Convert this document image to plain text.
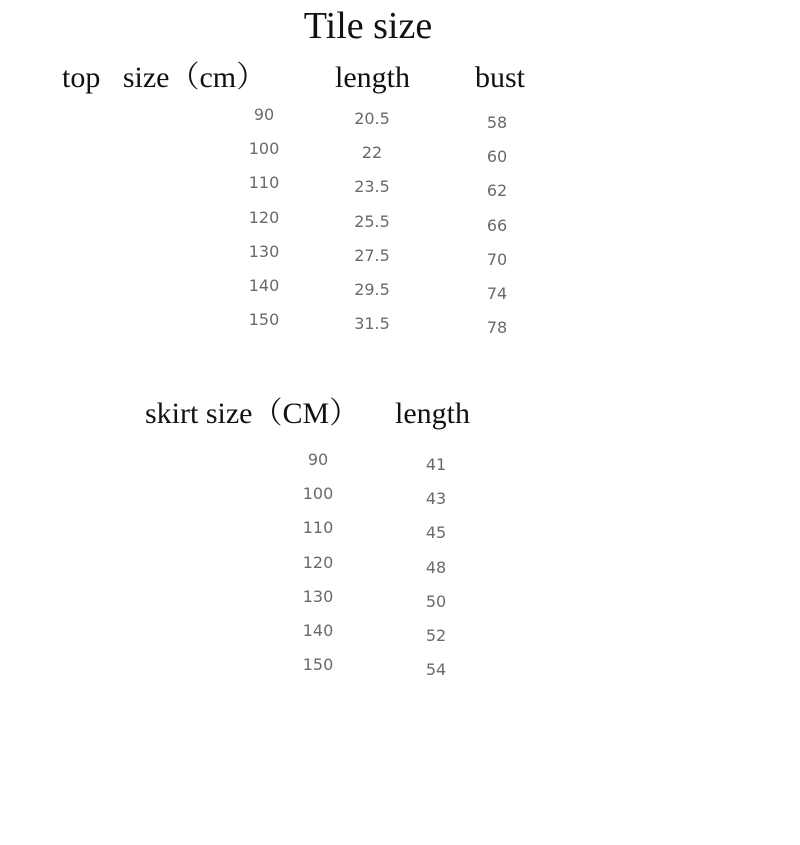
Tile size
top   size（cm） length bust
90	20.5	58
100	22	60
110	23.5	62
120	25.5	66
130	27.5	70
140	29.5	74
150	31.5	78
skirt size（CM） length
90	41
100	43
110	45
120	48
130	50
140	52
150	54
